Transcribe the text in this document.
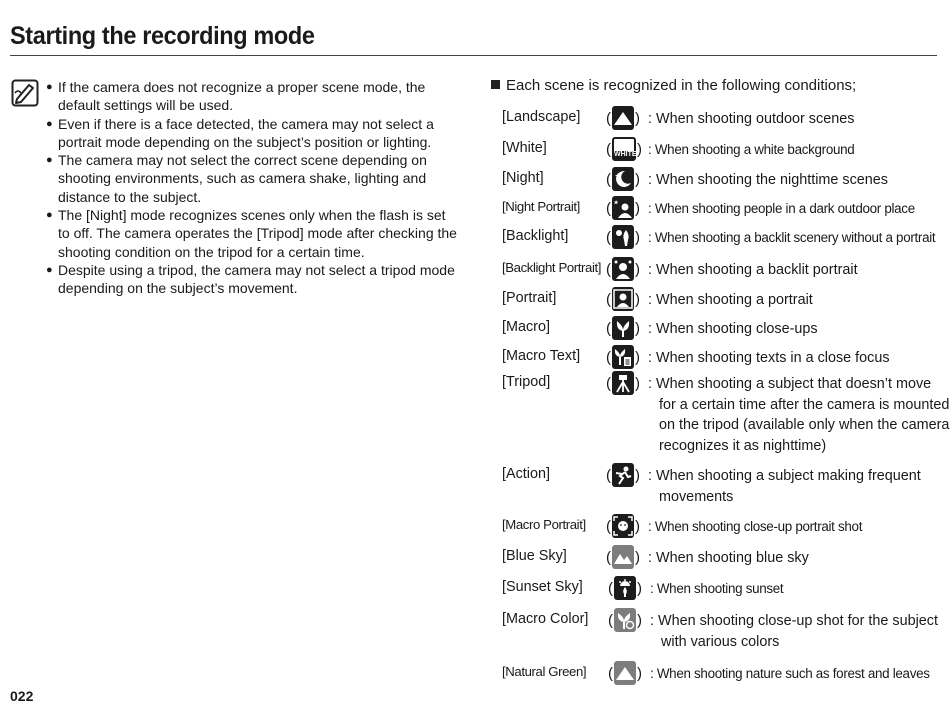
Starting the recording mode
● If the camera does not recognize a proper scene mode, the default settings will be used.
● Even if there is a face detected, the camera may not select a portrait mode depending on the subject’s position or lighting.
● The camera may not select the correct scene depending on shooting environments, such as camera shake, lighting and distance to the subject.
● The [Night] mode recognizes scenes only when the flash is set to off. The camera operates the [Tripod] mode after checking the shooting condition on the tripod for a certain time.
● Despite using a tripod, the camera may not select a tripod mode depending on the subject’s movement.
Each scene is recognized in the following conditions;
[Landscape] ( ) : When shooting outdoor scenes
[White]	( WHITE ) : When shooting a white background
[Night]	( ) : When shooting the nighttime scenes
[Night Portrait] ( ) : When shooting people in a dark outdoor place
[Backlight]	( ) : When shooting a backlit scenery without a portrait
[Backlight Portrait] ( ) : When shooting a backlit portrait
[Portrait]	( ) : When shooting a portrait
[Macro]	( ) : When shooting close-ups
[Macro Text] ( ) : When shooting texts in a close focus
[Tripod]	( ) : When shooting a subject that doesn’t move
for a certain time after the camera is mounted
on the tripod (available only when the camera
recognizes it as nighttime)
[Action]	( ) : When shooting a subject making frequent
movements
[Macro Portrait] ( ) : When shooting close-up portrait shot
[Blue Sky]	( ) : When shooting blue sky
[Sunset Sky] ( ) : When shooting sunset
[Macro Color] ( ) : When shooting close-up shot for the subject
with various colors
[Natural Green] ( ) : When shooting nature such as forest and leaves
022
